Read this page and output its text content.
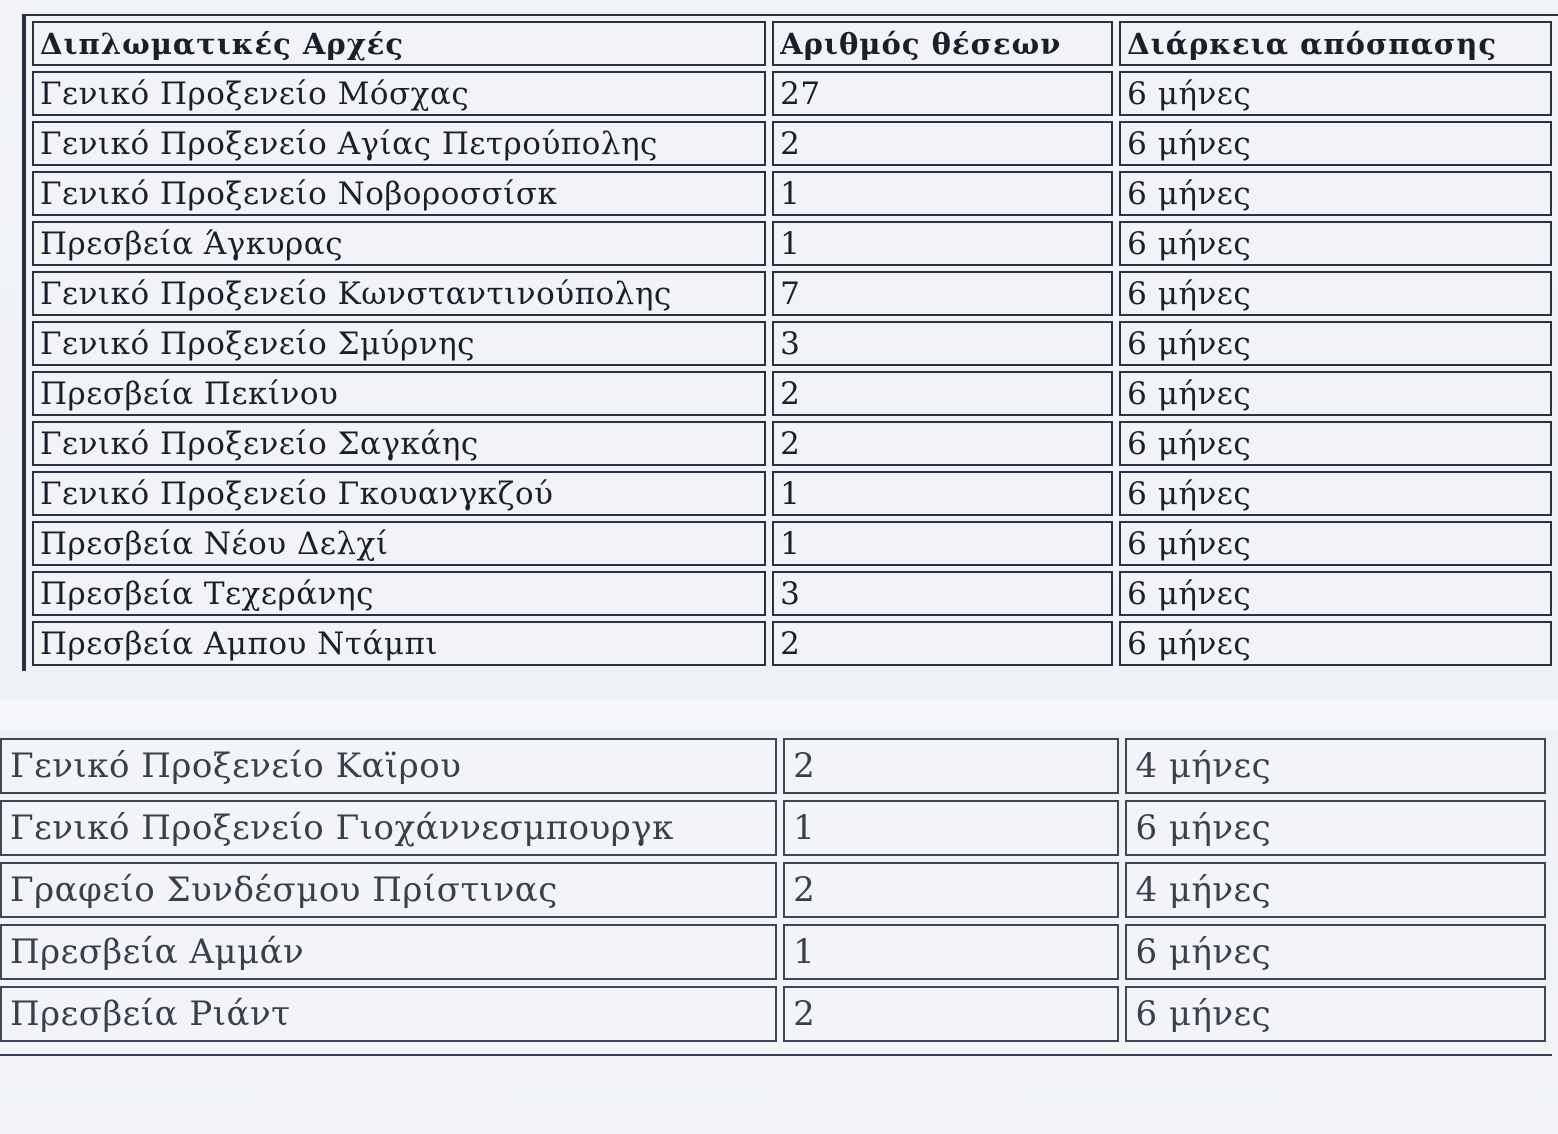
Διπλωματικές Αρχές	Αριθμός θέσεων	Διάρκεια απόσπασης
Γενικό Προξενείο Μόσχας	27	6 μήνες
Γενικό Προξενείο Αγίας Πετρούπολης	2	6 μήνες
Γενικό Προξενείο Νοβοροσσίσκ	1	6 μήνες
Πρεσβεία Άγκυρας	1	6 μήνες
Γενικό Προξενείο Κωνσταντινούπολης	7	6 μήνες
Γενικό Προξενείο Σμύρνης	3	6 μήνες
Πρεσβεία Πεκίνου	2	6 μήνες
Γενικό Προξενείο Σαγκάης	2	6 μήνες
Γενικό Προξενείο Γκουανγκζού	1	6 μήνες
Πρεσβεία Νέου Δελχί	1	6 μήνες
Πρεσβεία Τεχεράνης	3	6 μήνες
Πρεσβεία Αμπου Ντάμπι	2	6 μήνες
Γενικό Προξενείο Καϊρου	2	4 μήνες
Γενικό Προξενείο Γιοχάννεσμπουργκ	1	6 μήνες
Γραφείο Συνδέσμου Πρίστινας	2	4 μήνες
Πρεσβεία Αμμάν	1	6 μήνες
Πρεσβεία Ριάντ	2	6 μήνες
